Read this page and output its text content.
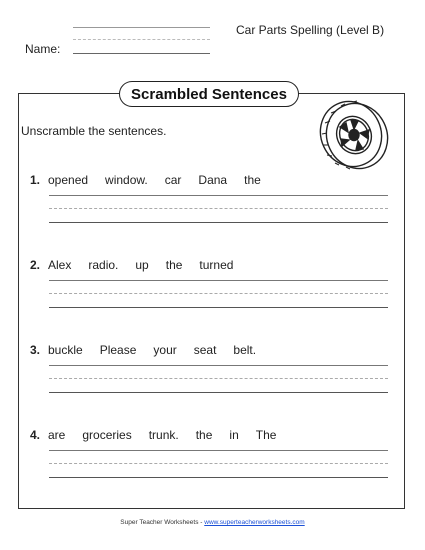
Car Parts Spelling (Level B)
Name:
Scrambled Sentences
Unscramble the sentences.
1. opened window. car Dana the
2. Alex radio. up the turned
3. buckle Please your seat belt.
4. are groceries trunk. the in The
Super Teacher Worksheets - www.superteacherworksheets.com
